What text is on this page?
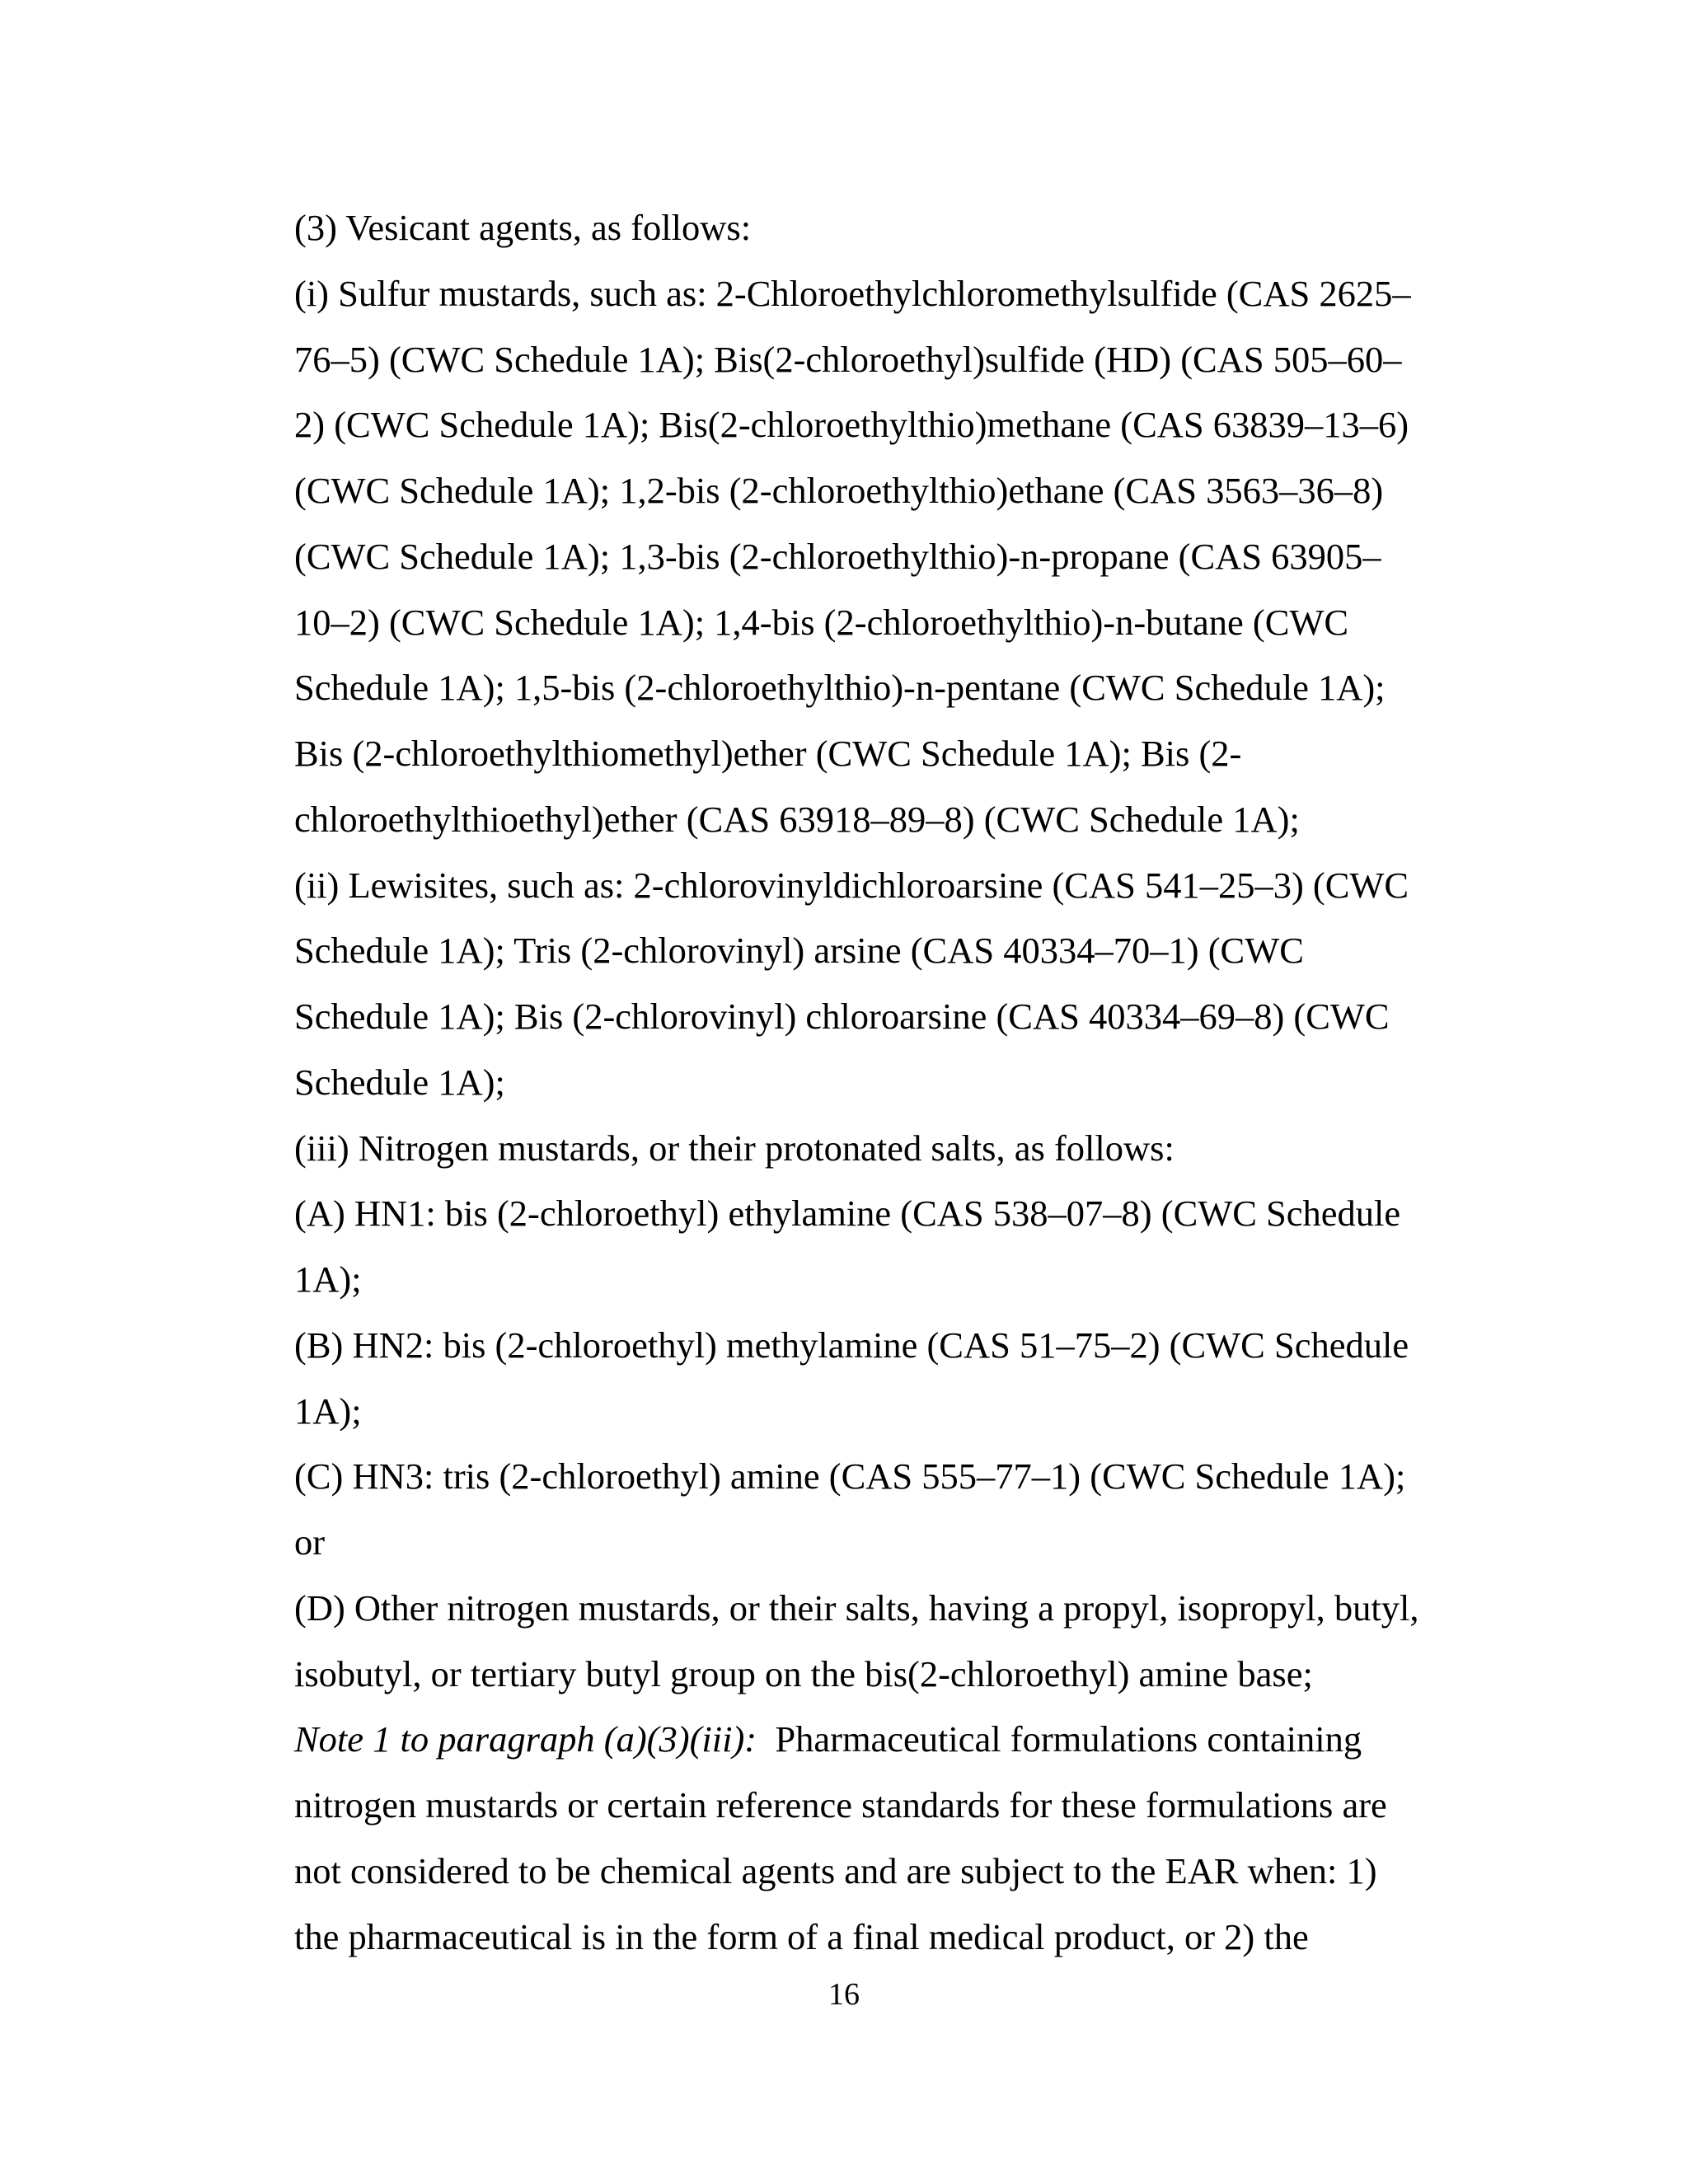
(3) Vesicant agents, as follows:
(i) Sulfur mustards, such as: 2-Chloroethylchloromethylsulfide (CAS 2625–
76–5) (CWC Schedule 1A); Bis(2-chloroethyl)sulfide (HD) (CAS 505–60–
2) (CWC Schedule 1A); Bis(2-chloroethylthio)methane (CAS 63839–13–6)
(CWC Schedule 1A); 1,2-bis (2-chloroethylthio)ethane (CAS 3563–36–8)
(CWC Schedule 1A); 1,3-bis (2-chloroethylthio)-n-propane (CAS 63905–
10–2) (CWC Schedule 1A); 1,4-bis (2-chloroethylthio)-n-butane (CWC
Schedule 1A); 1,5-bis (2-chloroethylthio)-n-pentane (CWC Schedule 1A);
Bis (2-chloroethylthiomethyl)ether (CWC Schedule 1A); Bis (2-
chloroethylthioethyl)ether (CAS 63918–89–8) (CWC Schedule 1A);
(ii) Lewisites, such as: 2-chlorovinyldichloroarsine (CAS 541–25–3) (CWC
Schedule 1A); Tris (2-chlorovinyl) arsine (CAS 40334–70–1) (CWC
Schedule 1A); Bis (2-chlorovinyl) chloroarsine (CAS 40334–69–8) (CWC
Schedule 1A);
(iii) Nitrogen mustards, or their protonated salts, as follows:
(A) HN1: bis (2-chloroethyl) ethylamine (CAS 538–07–8) (CWC Schedule
1A);
(B) HN2: bis (2-chloroethyl) methylamine (CAS 51–75–2) (CWC Schedule
1A);
(C) HN3: tris (2-chloroethyl) amine (CAS 555–77–1) (CWC Schedule 1A);
or
(D) Other nitrogen mustards, or their salts, having a propyl, isopropyl, butyl,
isobutyl, or tertiary butyl group on the bis(2-chloroethyl) amine base;
Note 1 to paragraph (a)(3)(iii): Pharmaceutical formulations containing
nitrogen mustards or certain reference standards for these formulations are
not considered to be chemical agents and are subject to the EAR when: 1)
the pharmaceutical is in the form of a final medical product, or 2) the
16
